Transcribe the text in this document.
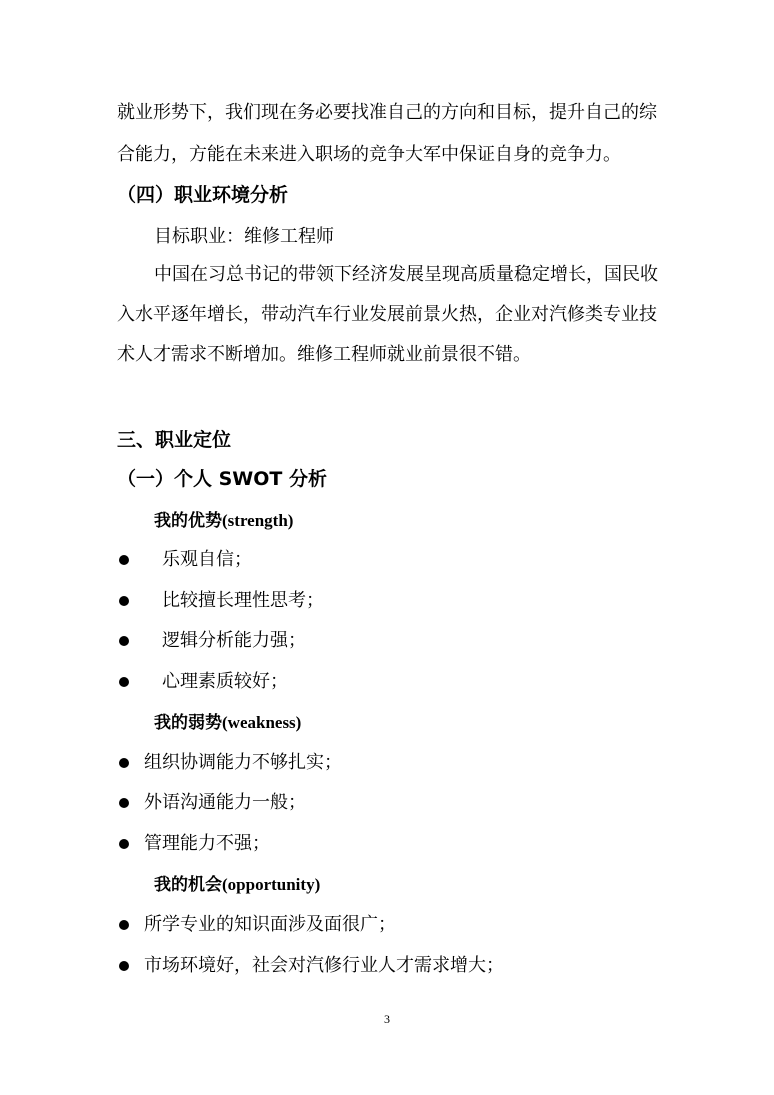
就业形势下，我们现在务必要找准自己的方向和目标，提升自己的综
合能力，方能在未来进入职场的竞争大军中保证自身的竞争力。
（四）职业环境分析
目标职业：维修工程师
中国在习总书记的带领下经济发展呈现高质量稳定增长，国民收
入水平逐年增长，带动汽车行业发展前景火热，企业对汽修类专业技
术人才需求不断增加。维修工程师就业前景很不错。
三、职业定位
（一）个人 SWOT 分析
我的优势(strength)
乐观自信；
比较擅长理性思考；
逻辑分析能力强；
心理素质较好；
我的弱势(weakness)
组织协调能力不够扎实；
外语沟通能力一般；
管理能力不强；
我的机会(opportunity)
所学专业的知识面涉及面很广；
市场环境好，社会对汽修行业人才需求增大；
3
